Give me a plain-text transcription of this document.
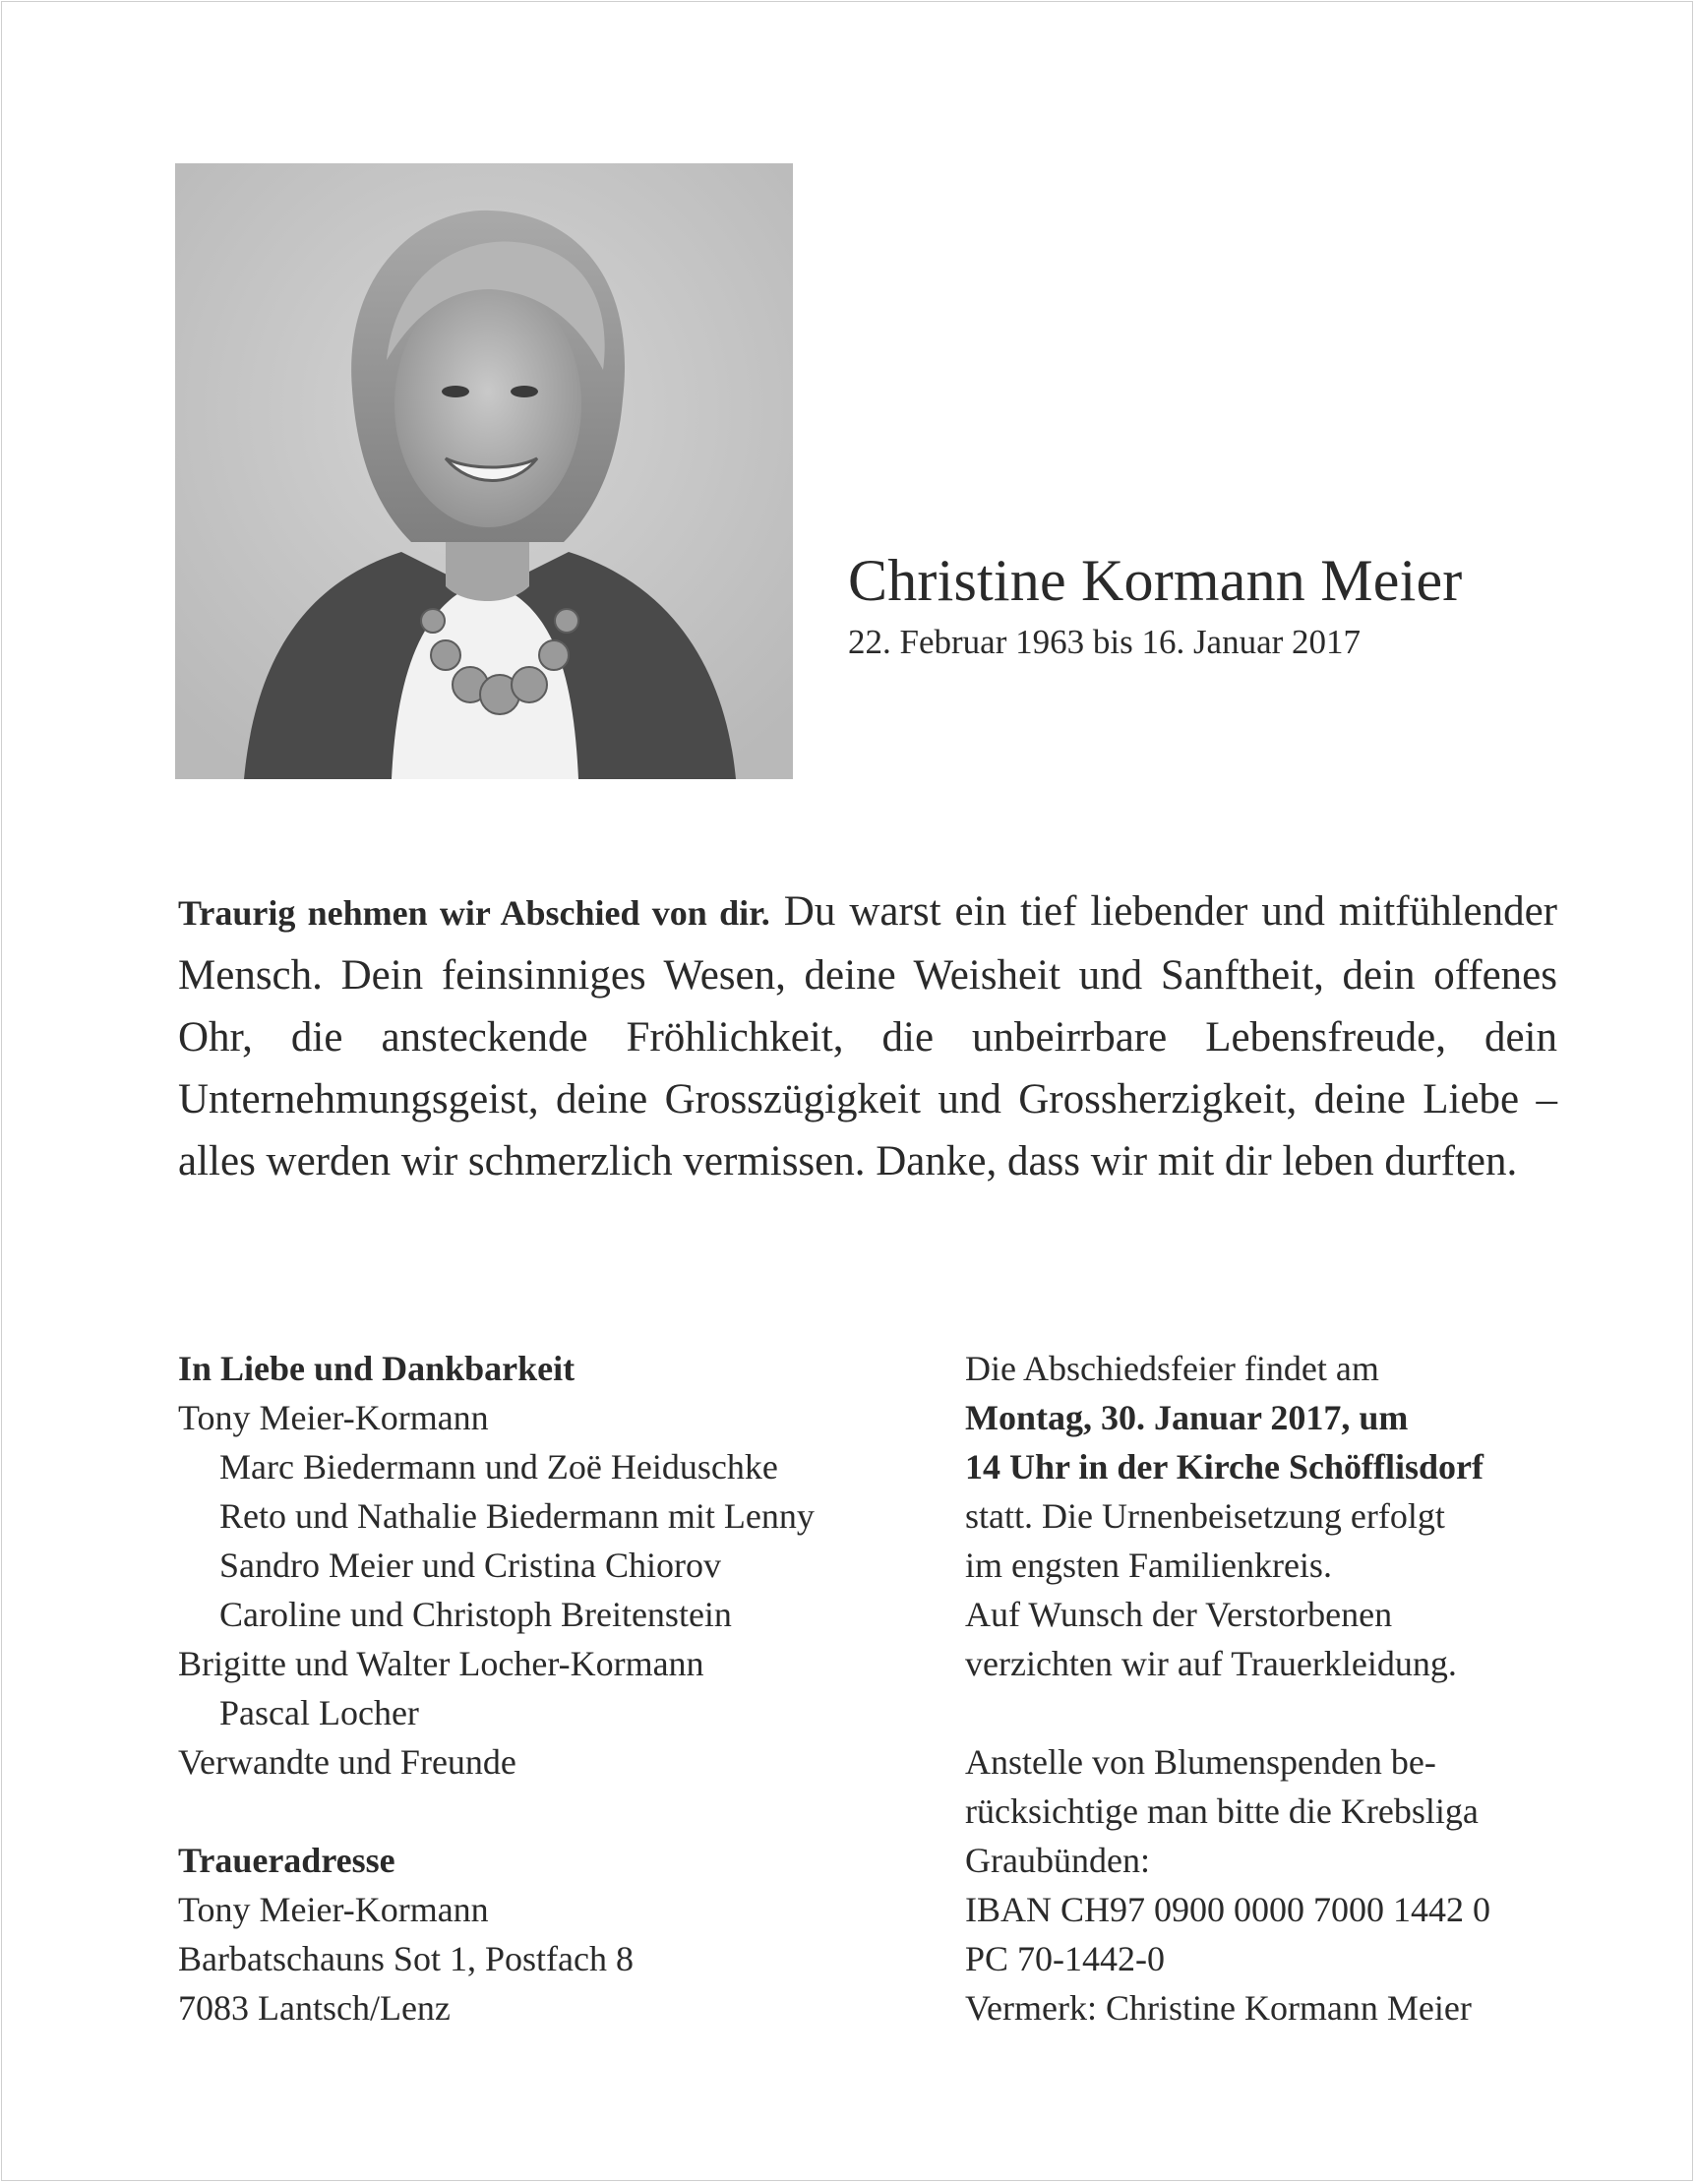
Christine Kormann Meier
22. Februar 1963 bis 16. Januar 2017
Traurig nehmen wir Abschied von dir. Du warst ein tief liebender und mitfühlender Mensch. Dein feinsinniges Wesen, deine Weisheit und Sanftheit, dein offenes Ohr, die ansteckende Fröhlichkeit, die unbeirrbare Lebensfreude, dein Unternehmungsgeist, deine Grosszügigkeit und Grossherzigkeit, deine Liebe – alles werden wir schmerzlich vermissen. Danke, dass wir mit dir leben durften.
In Liebe und Dankbarkeit
Tony Meier-Kormann
Marc Biedermann und Zoë Heiduschke
Reto und Nathalie Biedermann mit Lenny
Sandro Meier und Cristina Chiorov
Caroline und Christoph Breitenstein
Brigitte und Walter Locher-Kormann
Pascal Locher
Verwandte und Freunde
Traueradresse
Tony Meier-Kormann
Barbatschauns Sot 1, Postfach 8
7083 Lantsch/Lenz
Die Abschiedsfeier findet am
Montag, 30. Januar 2017, um
14 Uhr in der Kirche Schöfflisdorf
statt. Die Urnenbeisetzung erfolgt
im engsten Familienkreis.
Auf Wunsch der Verstorbenen
verzichten wir auf Trauerkleidung.
Anstelle von Blumenspenden be-
rücksichtige man bitte die Krebsliga
Graubünden:
IBAN CH97 0900 0000 7000 1442 0
PC 70-1442-0
Vermerk: Christine Kormann Meier
